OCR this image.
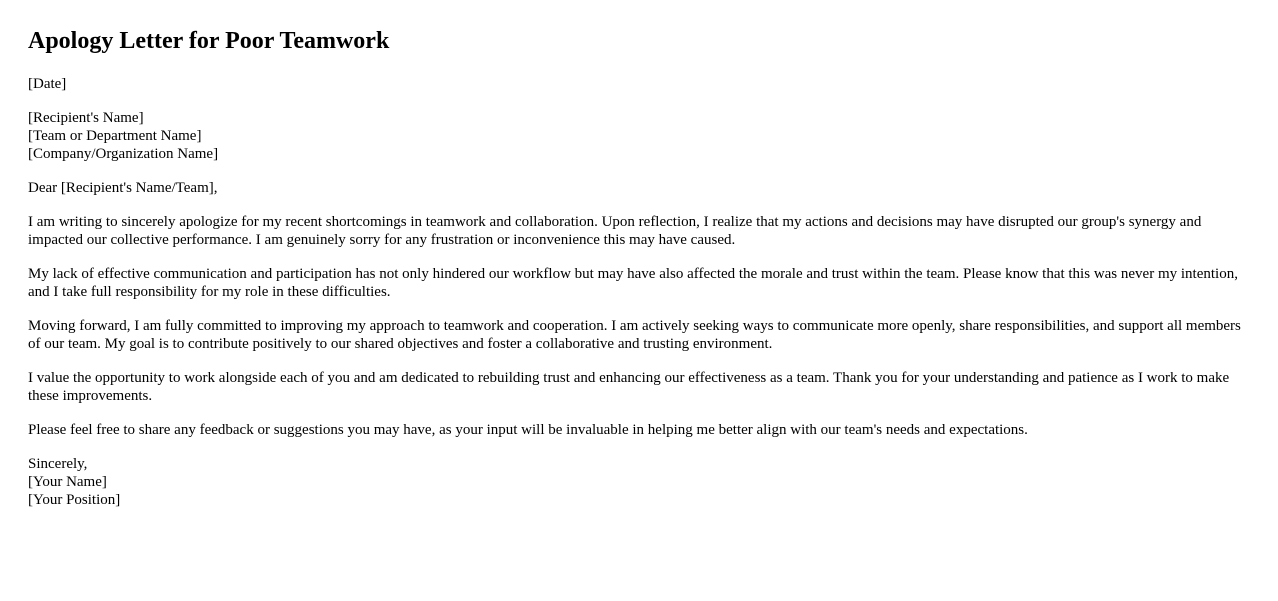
Apology Letter for Poor Teamwork

[Date]

[Recipient's Name]
[Team or Department Name]
[Company/Organization Name]

Dear [Recipient's Name/Team],

I am writing to sincerely apologize for my recent shortcomings in teamwork and collaboration. Upon reflection, I realize that my actions and decisions may have disrupted our group's synergy and impacted our collective performance. I am genuinely sorry for any frustration or inconvenience this may have caused.

My lack of effective communication and participation has not only hindered our workflow but may have also affected the morale and trust within the team. Please know that this was never my intention, and I take full responsibility for my role in these difficulties.

Moving forward, I am fully committed to improving my approach to teamwork and cooperation. I am actively seeking ways to communicate more openly, share responsibilities, and support all members of our team. My goal is to contribute positively to our shared objectives and foster a collaborative and trusting environment.

I value the opportunity to work alongside each of you and am dedicated to rebuilding trust and enhancing our effectiveness as a team. Thank you for your understanding and patience as I work to make these improvements.

Please feel free to share any feedback or suggestions you may have, as your input will be invaluable in helping me better align with our team's needs and expectations.

Sincerely,
[Your Name]
[Your Position]
